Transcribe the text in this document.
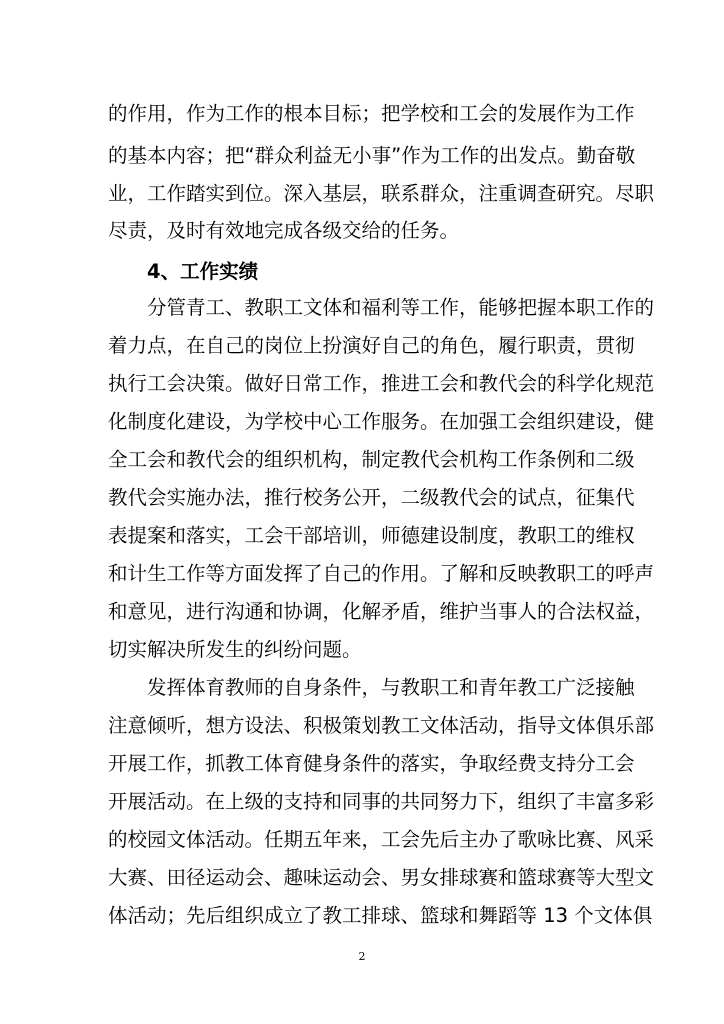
的作用，作为工作的根本目标；把学校和工会的发展作为工作
的基本内容；把“群众利益无小事”作为工作的出发点。勤奋敬
业，工作踏实到位。深入基层，联系群众，注重调查研究。尽职
尽责，及时有效地完成各级交给的任务。
4、工作实绩
分管青工、教职工文体和福利等工作，能够把握本职工作的
着力点，在自己的岗位上扮演好自己的角色，履行职责，贯彻
执行工会决策。做好日常工作，推进工会和教代会的科学化规范
化制度化建设，为学校中心工作服务。在加强工会组织建设，健
全工会和教代会的组织机构，制定教代会机构工作条例和二级
教代会实施办法，推行校务公开，二级教代会的试点，征集代
表提案和落实，工会干部培训，师德建设制度，教职工的维权
和计生工作等方面发挥了自己的作用。了解和反映教职工的呼声
和意见，进行沟通和协调，化解矛盾，维护当事人的合法权益，
切实解决所发生的纠纷问题。
发挥体育教师的自身条件，与教职工和青年教工广泛接触
注意倾听，想方设法、积极策划教工文体活动，指导文体俱乐部
开展工作，抓教工体育健身条件的落实，争取经费支持分工会
开展活动。在上级的支持和同事的共同努力下，组织了丰富多彩
的校园文体活动。任期五年来，工会先后主办了歌咏比赛、风采
大赛、田径运动会、趣味运动会、男女排球赛和篮球赛等大型文
体活动；先后组织成立了教工排球、篮球和舞蹈等 13 个文体俱
2
